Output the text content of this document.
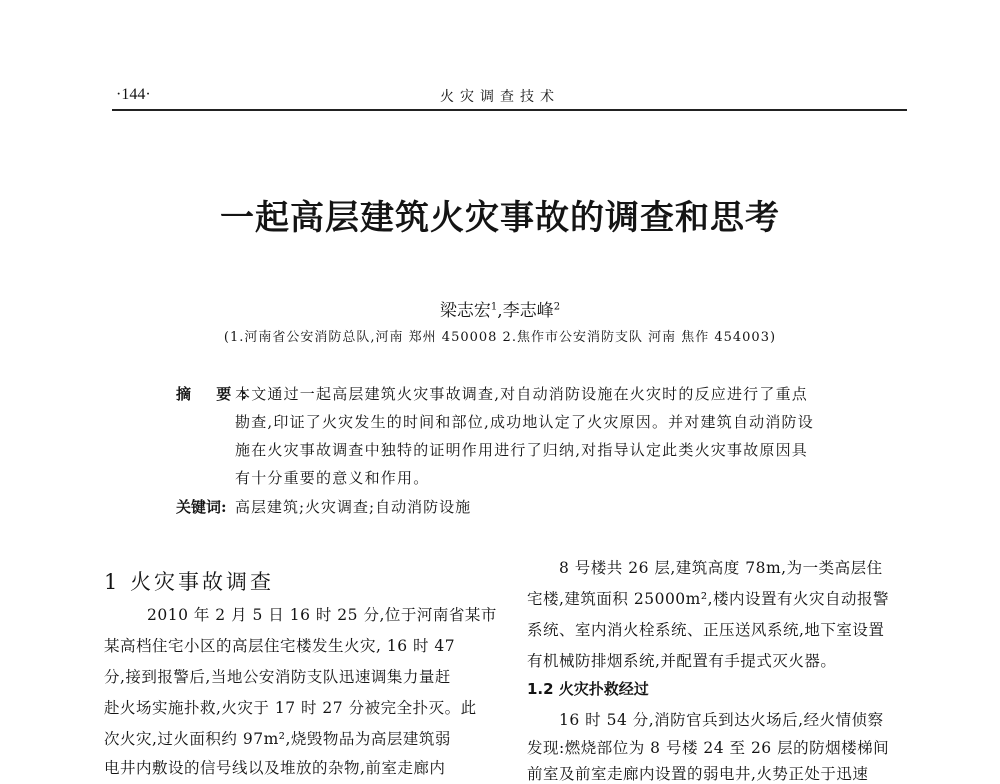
·144·	火灾调查技术
一起高层建筑火灾事故的调查和思考
梁志宏$^1$,李志峰$^2$
(1.河南省公安消防总队,河南 郑州 450008 2.焦作市公安消防支队 河南 焦作 454003)
摘 要:
本文通过一起高层建筑火灾事故调查,对自动消防设施在火灾时的反应进行了重点
勘查,印证了火灾发生的时间和部位,成功地认定了火灾原因。并对建筑自动消防设
施在火灾事故调查中独特的证明作用进行了归纳,对指导认定此类火灾事故原因具
有十分重要的意义和作用。
关键词: 高层建筑;火灾调查;自动消防设施
1 火灾事故调查
2010 年 2 月 5 日 16 时 25 分,位于河南省某市
某高档住宅小区的高层住宅楼发生火灾, 16 时 47
分,接到报警后,当地公安消防支队迅速调集力量赶
赴火场实施扑救,火灾于 17 时 27 分被完全扑灭。此
次火灾,过火面积约 97m²,烧毁物品为高层建筑弱
电井内敷设的信号线以及堆放的杂物,前室走廊内
8 号楼共 26 层,建筑高度 78m,为一类高层住
宅楼,建筑面积 25000m²,楼内设置有火灾自动报警
系统、室内消火栓系统、正压送风系统,地下室设置
有机械防排烟系统,并配置有手提式灭火器。
1.2 火灾扑救经过
16 时 54 分,消防官兵到达火场后,经火情侦察
发现:燃烧部位为 8 号楼 24 至 26 层的防烟楼梯间
前室及前室走廊内设置的弱电井,火势正处于迅速
